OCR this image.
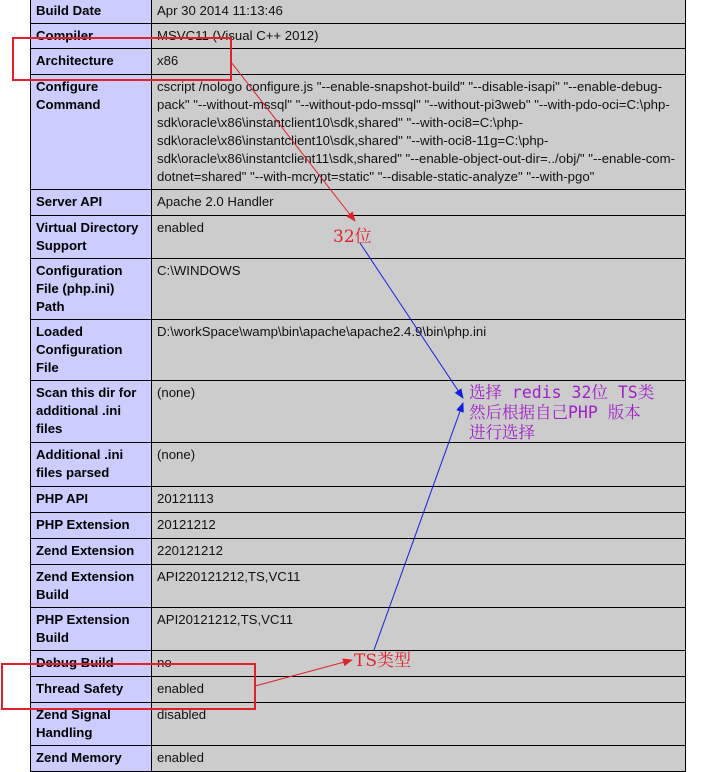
Build Date	Apr 30 2014 11:13:46
Compiler	MSVC11 (Visual C++ 2012)
Architecture	x86
Configure Command	cscript /nologo configure.js "--enable-snapshot-build" "--disable-isapi" "--enable-debug-pack" "--without-mssql" "--without-pdo-mssql" "--without-pi3web" "--with-pdo-oci=C:\php-sdk\oracle\x86\instantclient10\sdk,shared" "--with-oci8=C:\php-sdk\oracle\x86\instantclient10\sdk,shared" "--with-oci8-11g=C:\php-sdk\oracle\x86\instantclient11\sdk,shared" "--enable-object-out-dir=../obj/" "--enable-com-dotnet=shared" "--with-mcrypt=static" "--disable-static-analyze" "--with-pgo"
Server API	Apache 2.0 Handler
Virtual Directory Support	enabled
Configuration File (php.ini) Path	C:\WINDOWS
Loaded Configuration File	D:\workSpace\wamp\bin\apache\apache2.4.9\bin\php.ini
Scan this dir for additional .ini files	(none)
Additional .ini files parsed	(none)
PHP API	20121113
PHP Extension	20121212
Zend Extension	220121212
Zend Extension Build	API220121212,TS,VC11
PHP Extension Build	API20121212,TS,VC11
Debug Build	no
Thread Safety	enabled
Zend Signal Handling	disabled
Zend Memory	enabled
32位
TS类型
选择 redis 32位 TS类
然后根据自己PHP 版本
进行选择
